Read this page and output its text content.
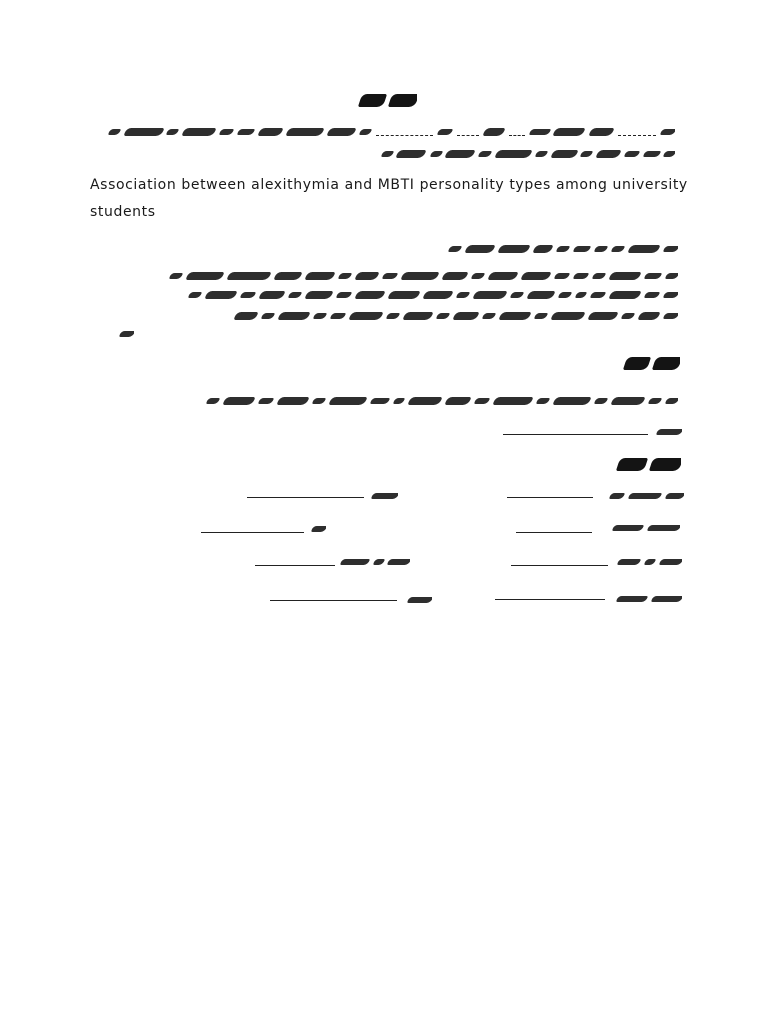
Association between alexithymia and MBTI personality types among university students
